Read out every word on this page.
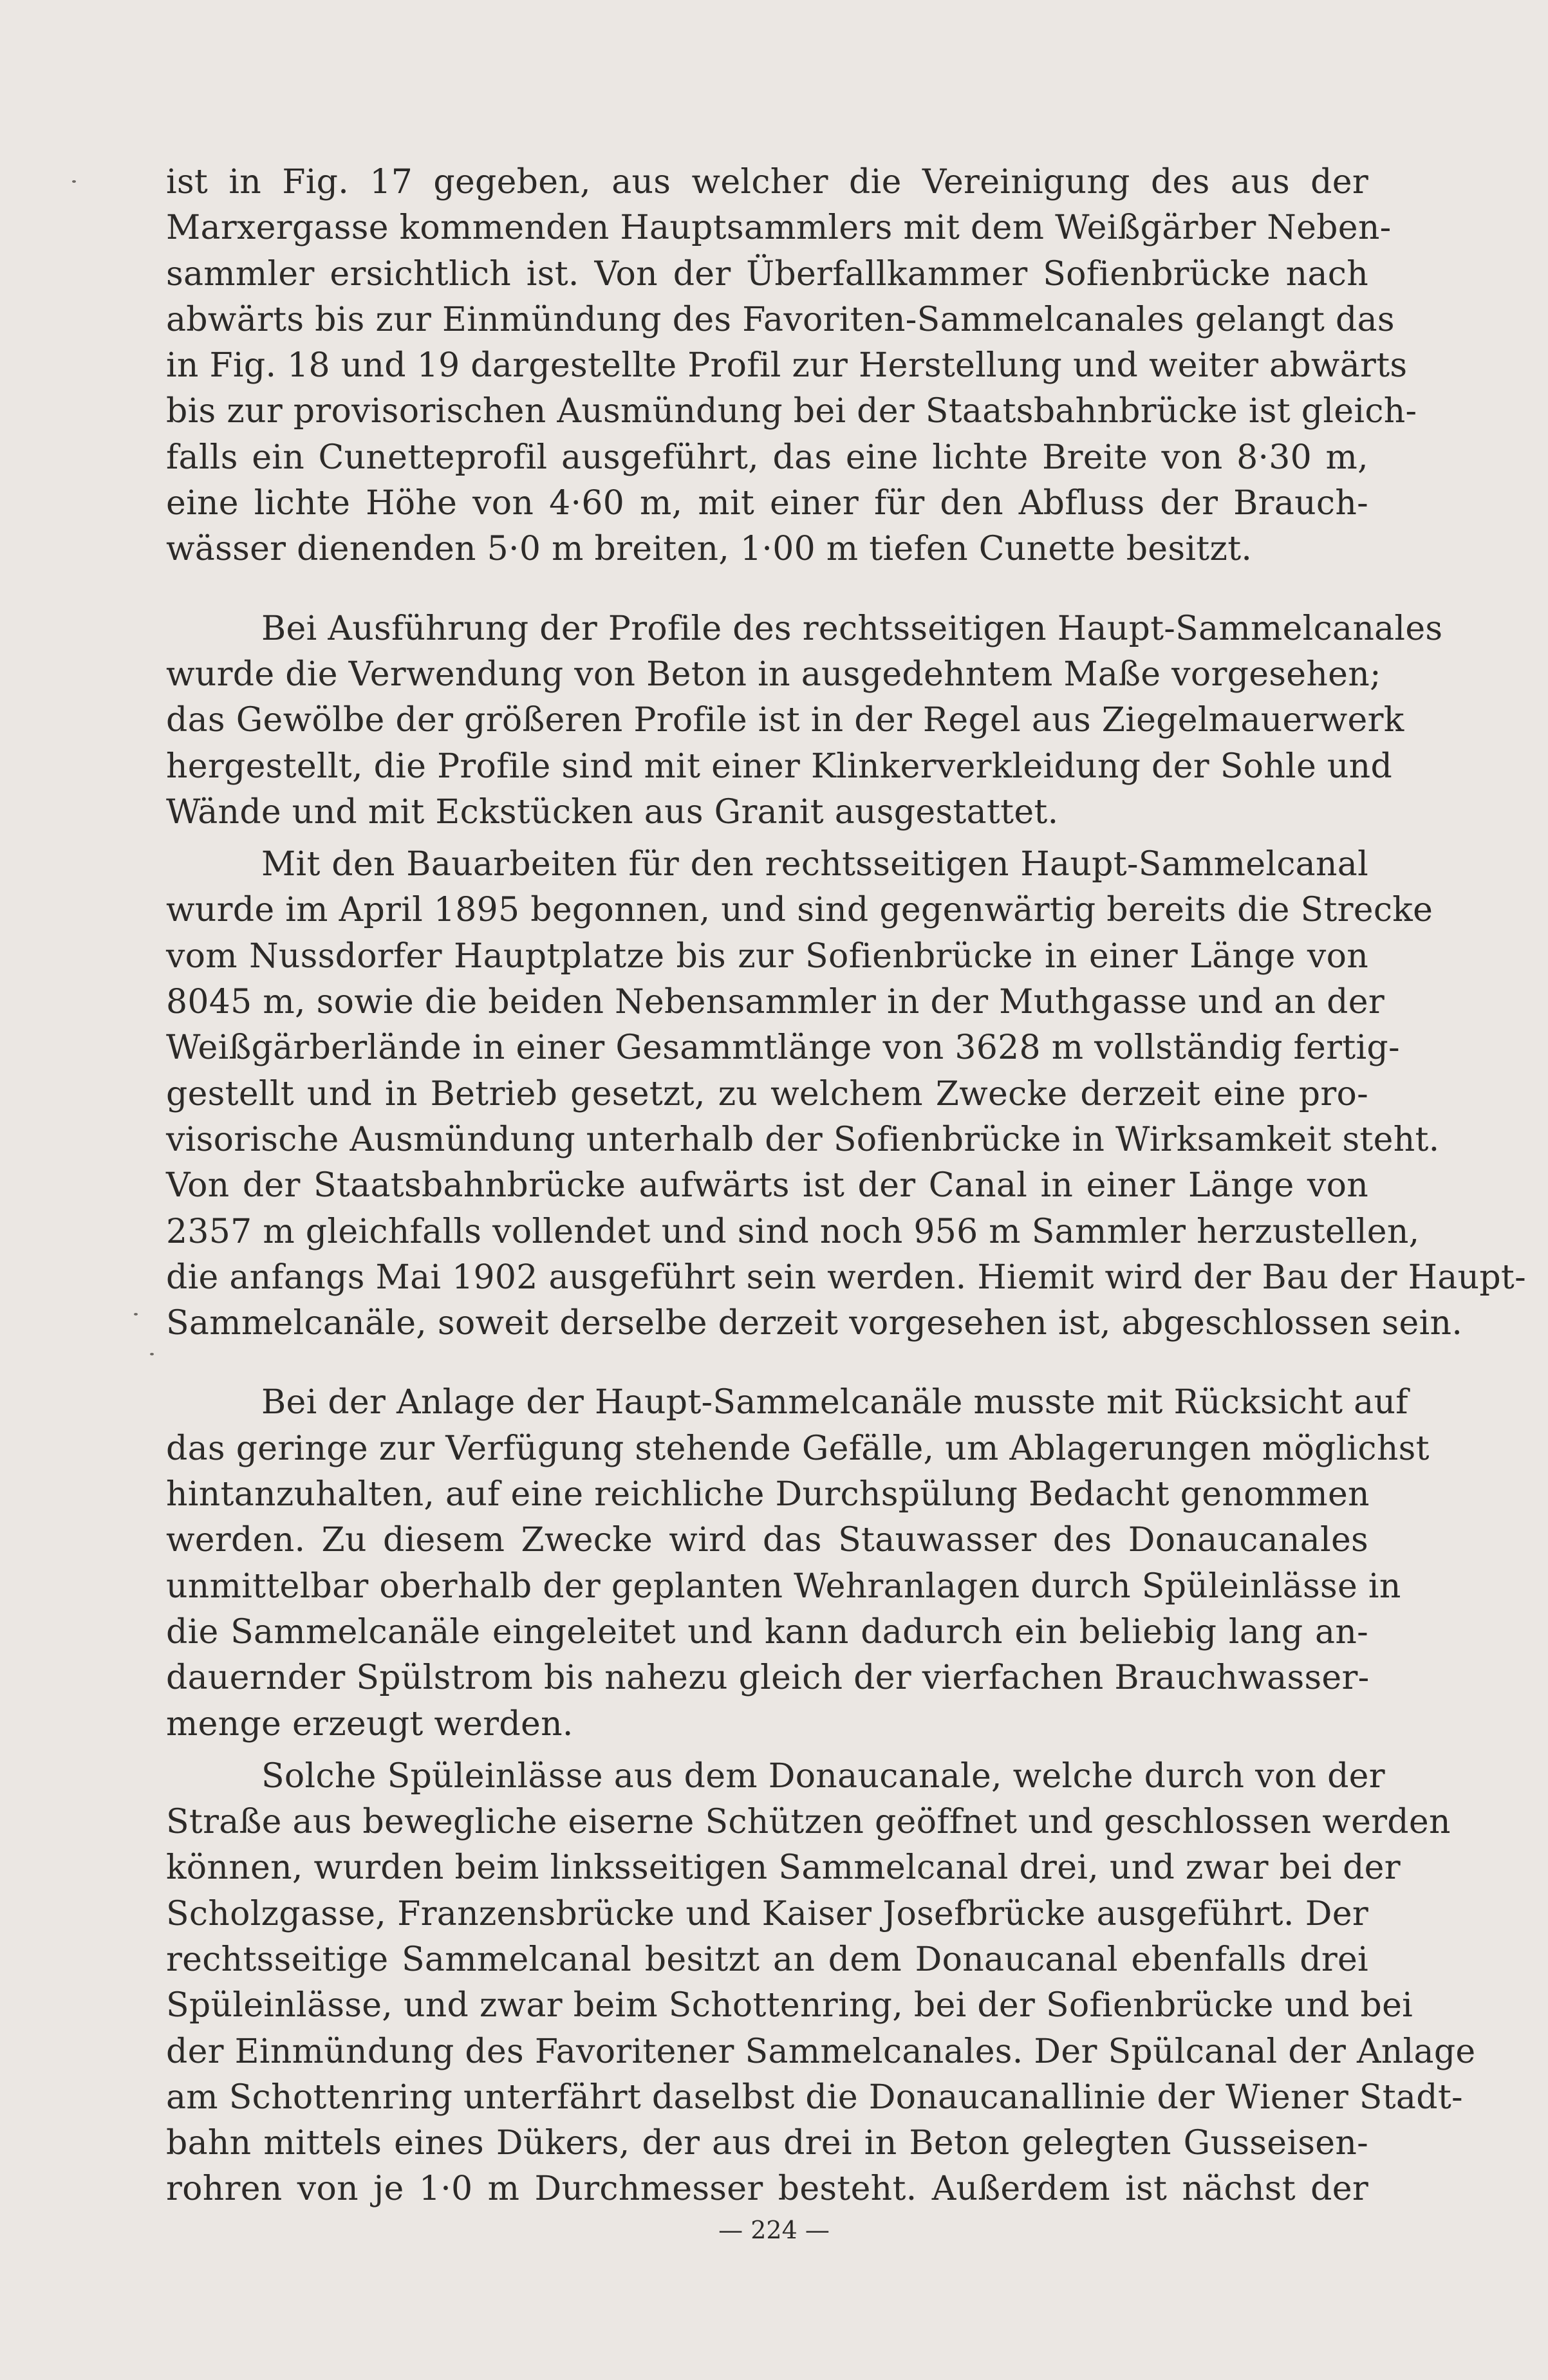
ist in Fig. 17 gegeben, aus welcher die Vereinigung des aus der
Marxergasse kommenden Hauptsammlers mit dem Weißgärber Neben-
sammler ersichtlich ist. Von der Überfallkammer Sofienbrücke nach
abwärts bis zur Einmündung des Favoriten-Sammelcanales gelangt das
in Fig. 18 und 19 dargestellte Profil zur Herstellung und weiter abwärts
bis zur provisorischen Ausmündung bei der Staatsbahnbrücke ist gleich-
falls ein Cunetteprofil ausgeführt, das eine lichte Breite von 8·30 m,
eine lichte Höhe von 4·60 m, mit einer für den Abfluss der Brauch-
wässer dienenden 5·0 m breiten, 1·00 m tiefen Cunette besitzt.
Bei Ausführung der Profile des rechtsseitigen Haupt-Sammelcanales
wurde die Verwendung von Beton in ausgedehntem Maße vorgesehen;
das Gewölbe der größeren Profile ist in der Regel aus Ziegelmauerwerk
hergestellt, die Profile sind mit einer Klinkerverkleidung der Sohle und
Wände und mit Eckstücken aus Granit ausgestattet.
Mit den Bauarbeiten für den rechtsseitigen Haupt-Sammelcanal
wurde im April 1895 begonnen, und sind gegenwärtig bereits die Strecke
vom Nussdorfer Hauptplatze bis zur Sofienbrücke in einer Länge von
8045 m, sowie die beiden Nebensammler in der Muthgasse und an der
Weißgärberlände in einer Gesammtlänge von 3628 m vollständig fertig-
gestellt und in Betrieb gesetzt, zu welchem Zwecke derzeit eine pro-
visorische Ausmündung unterhalb der Sofienbrücke in Wirksamkeit steht.
Von der Staatsbahnbrücke aufwärts ist der Canal in einer Länge von
2357 m gleichfalls vollendet und sind noch 956 m Sammler herzustellen,
die anfangs Mai 1902 ausgeführt sein werden. Hiemit wird der Bau der Haupt-
Sammelcanäle, soweit derselbe derzeit vorgesehen ist, abgeschlossen sein.
Bei der Anlage der Haupt-Sammelcanäle musste mit Rücksicht auf
das geringe zur Verfügung stehende Gefälle, um Ablagerungen möglichst
hintanzuhalten, auf eine reichliche Durchspülung Bedacht genommen
werden. Zu diesem Zwecke wird das Stauwasser des Donaucanales
unmittelbar oberhalb der geplanten Wehranlagen durch Spüleinlässe in
die Sammelcanäle eingeleitet und kann dadurch ein beliebig lang an-
dauernder Spülstrom bis nahezu gleich der vierfachen Brauchwasser-
menge erzeugt werden.
Solche Spüleinlässe aus dem Donaucanale, welche durch von der
Straße aus bewegliche eiserne Schützen geöffnet und geschlossen werden
können, wurden beim linksseitigen Sammelcanal drei, und zwar bei der
Scholzgasse, Franzensbrücke und Kaiser Josefbrücke ausgeführt. Der
rechtsseitige Sammelcanal besitzt an dem Donaucanal ebenfalls drei
Spüleinlässe, und zwar beim Schottenring, bei der Sofienbrücke und bei
der Einmündung des Favoritener Sammelcanales. Der Spülcanal der Anlage
am Schottenring unterfährt daselbst die Donaucanallinie der Wiener Stadt-
bahn mittels eines Dükers, der aus drei in Beton gelegten Gusseisen-
rohren von je 1·0 m Durchmesser besteht. Außerdem ist nächst der
— 224 —
